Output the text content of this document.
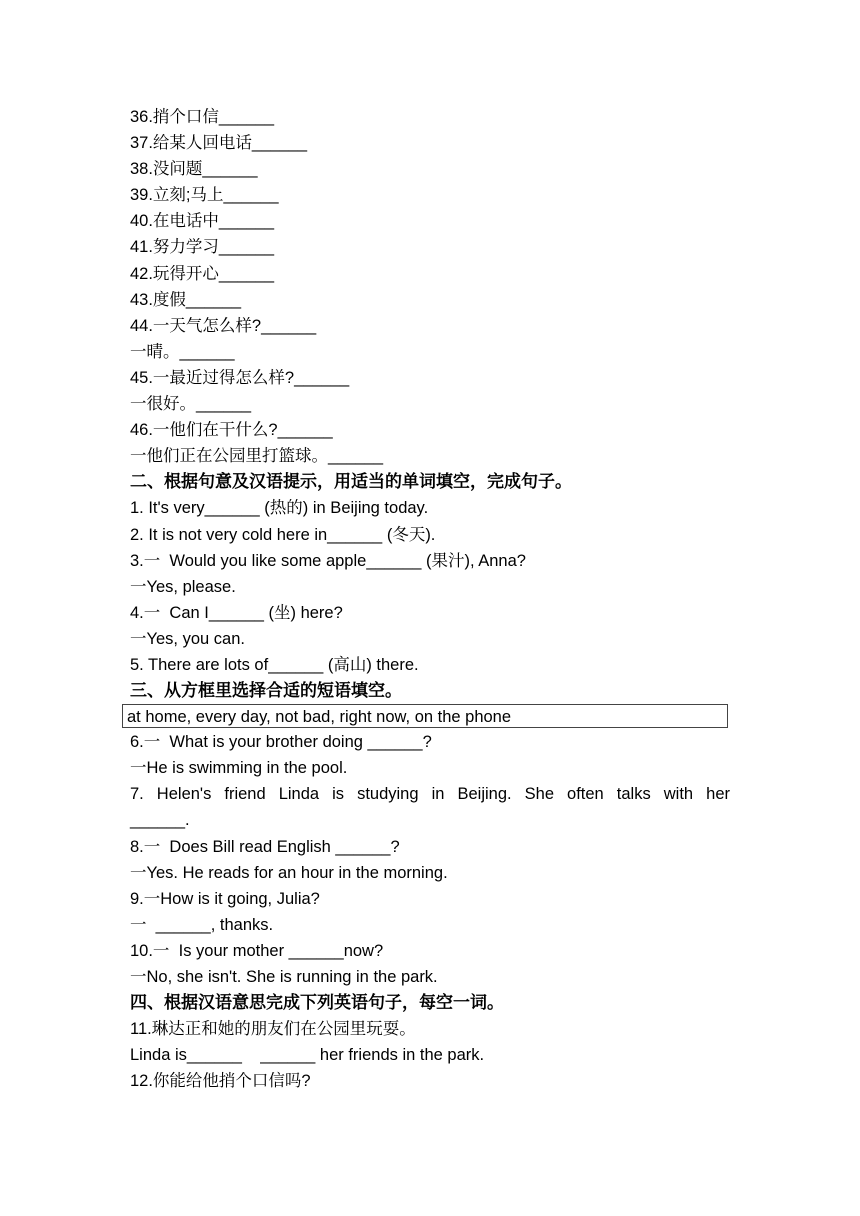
36.捎个口信______
37.给某人回电话______
38.没问题______
39.立刻;马上______
40.在电话中______
41.努力学习______
42.玩得开心______
43.度假______
44.一天气怎么样?______
一晴。______
45.一最近过得怎么样?______
一很好。______
46.一他们在干什么?______
一他们正在公园里打篮球。______
二、根据句意及汉语提示，用适当的单词填空，完成句子。
1. It's very______ (热的) in Beijing today.
2. It is not very cold here in______ (冬天).
3.一  Would you like some apple______ (果汁), Anna?
一Yes, please.
4.一  Can I______ (坐) here?
一Yes, you can.
5. There are lots of______ (高山) there.
三、从方框里选择合适的短语填空。
at home, every day, not bad, right now, on the phone
6.一  What is your brother doing ______?
一He is swimming in the pool.
7. Helen's friend Linda is studying in Beijing. She often talks with her
______.
8.一  Does Bill read English ______?
一Yes. He reads for an hour in the morning.
9.一How is it going, Julia?
一  ______, thanks.
10.一  Is your mother ______now?
一No, she isn't. She is running in the park.
四、根据汉语意思完成下列英语句子，每空一词。
11.琳达正和她的朋友们在公园里玩耍。
Linda is______    ______ her friends in the park.
12.你能给他捎个口信吗?
